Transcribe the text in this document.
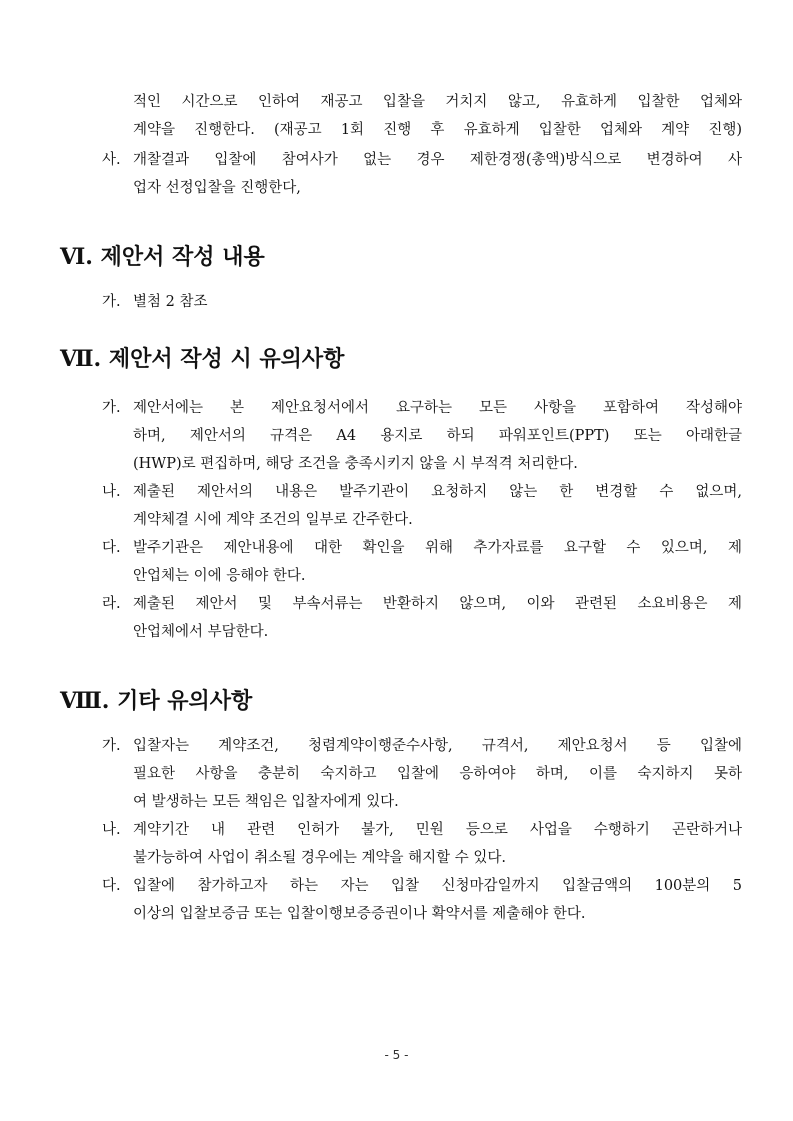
적인 시간으로 인하여 재공고 입찰을 거치지 않고, 유효하게 입찰한 업체와
계약을 진행한다. (재공고 1회 진행 후 유효하게 입찰한 업체와 계약 진행)
사. 개찰결과 입찰에 참여사가 없는 경우 제한경쟁(총액)방식으로 변경하여 사
업자 선정입찰을 진행한다,
Ⅵ. 제안서 작성 내용
가. 별첨 2 참조
Ⅶ. 제안서 작성 시 유의사항
가. 제안서에는 본 제안요청서에서 요구하는 모든 사항을 포함하여 작성해야
하며, 제안서의 규격은 A4 용지로 하되 파워포인트(PPT) 또는 아래한글
(HWP)로 편집하며, 해당 조건을 충족시키지 않을 시 부적격 처리한다.
나. 제출된 제안서의 내용은 발주기관이 요청하지 않는 한 변경할 수 없으며,
계약체결 시에 계약 조건의 일부로 간주한다.
다. 발주기관은 제안내용에 대한 확인을 위해 추가자료를 요구할 수 있으며, 제
안업체는 이에 응해야 한다.
라. 제출된 제안서 및 부속서류는 반환하지 않으며, 이와 관련된 소요비용은 제
안업체에서 부담한다.
Ⅷ. 기타 유의사항
가. 입찰자는 계약조건, 청렴계약이행준수사항, 규격서, 제안요청서 등 입찰에
필요한 사항을 충분히 숙지하고 입찰에 응하여야 하며, 이를 숙지하지 못하
여 발생하는 모든 책임은 입찰자에게 있다.
나. 계약기간 내 관련 인허가 불가, 민원 등으로 사업을 수행하기 곤란하거나
불가능하여 사업이 취소될 경우에는 계약을 해지할 수 있다.
다. 입찰에 참가하고자 하는 자는 입찰 신청마감일까지 입찰금액의 100분의 5
이상의 입찰보증금 또는 입찰이행보증증권이나 확약서를 제출해야 한다.
- 5 -
